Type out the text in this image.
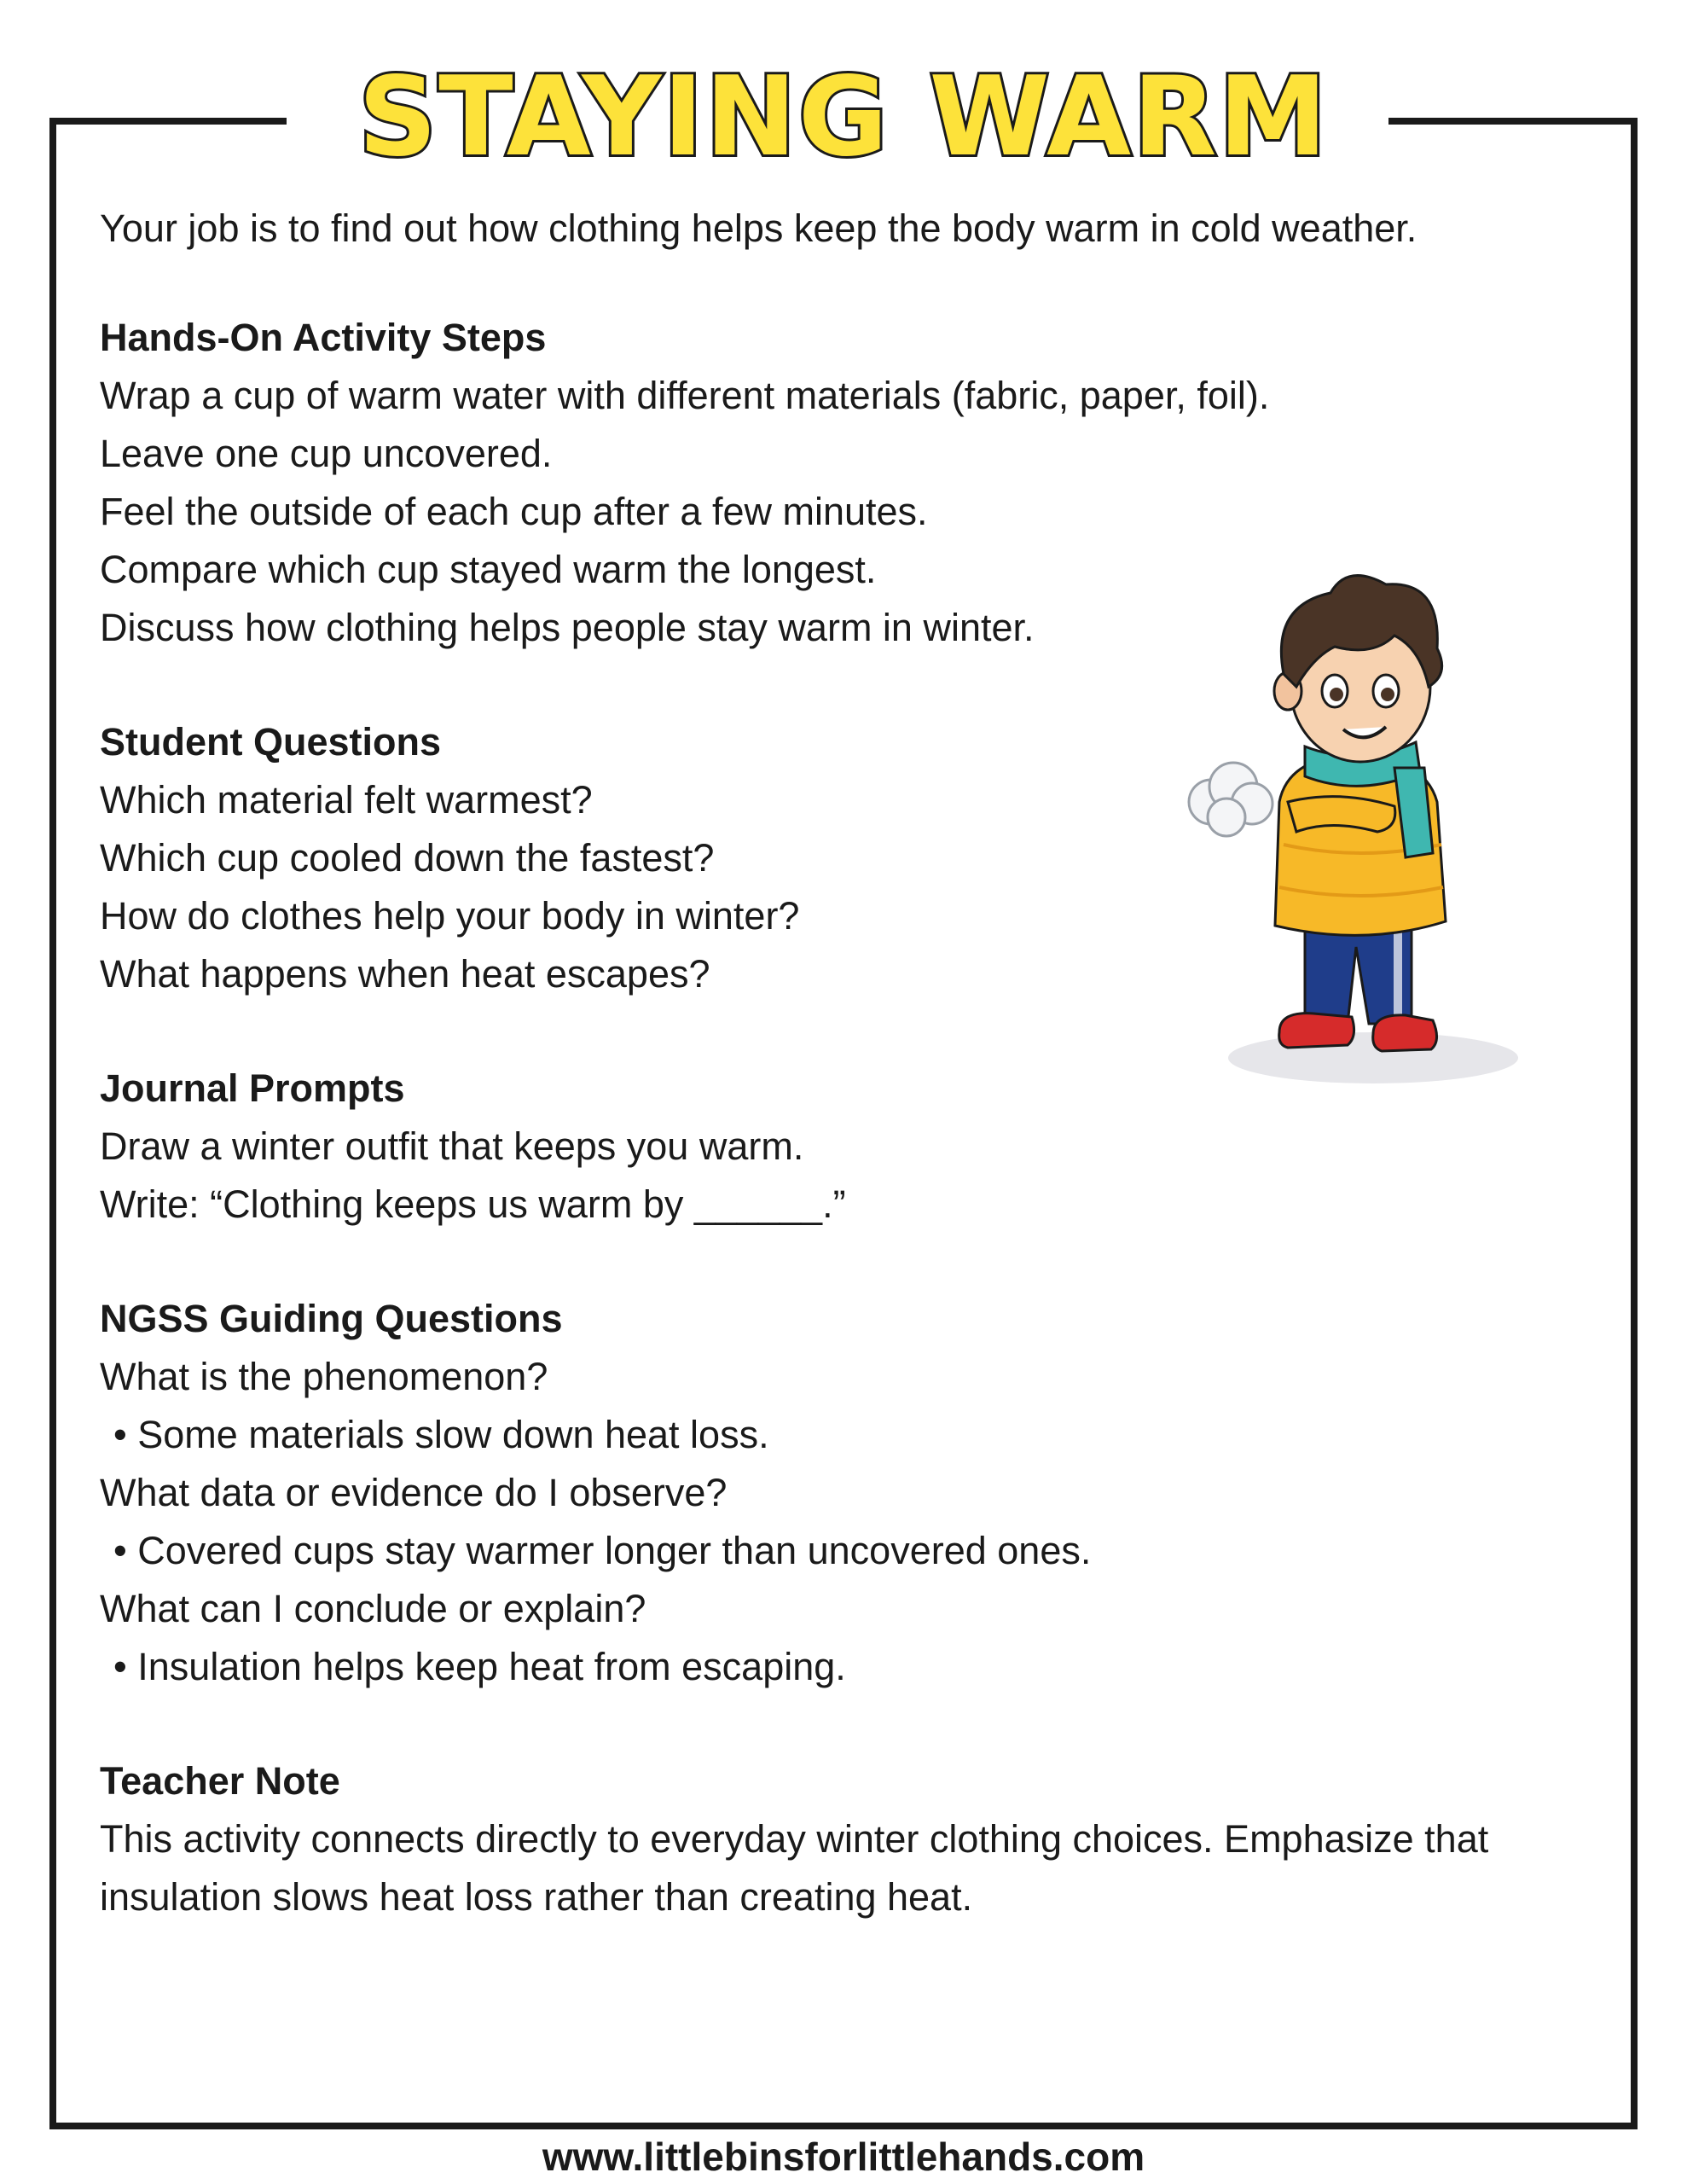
STAYING WARM

Your job is to find out how clothing helps keep the body warm in cold weather.

Hands-On Activity Steps

Wrap a cup of warm water with different materials (fabric, paper, foil).

Leave one cup uncovered.

Feel the outside of each cup after a few minutes.

Compare which cup stayed warm the longest.

Discuss how clothing helps people stay warm in winter.

Student Questions

Which material felt warmest?

Which cup cooled down the fastest?

How do clothes help your body in winter?

What happens when heat escapes?

Journal Prompts

Draw a winter outfit that keeps you warm.

Write: “Clothing keeps us warm by ______.”

NGSS Guiding Questions

What is the phenomenon?

• Some materials slow down heat loss.

What data or evidence do I observe?

• Covered cups stay warmer longer than uncovered ones.

What can I conclude or explain?

• Insulation helps keep heat from escaping.

Teacher Note

This activity connects directly to everyday winter clothing choices. Emphasize that insulation slows heat loss rather than creating heat.

www.littlebinsforlittlehands.com
